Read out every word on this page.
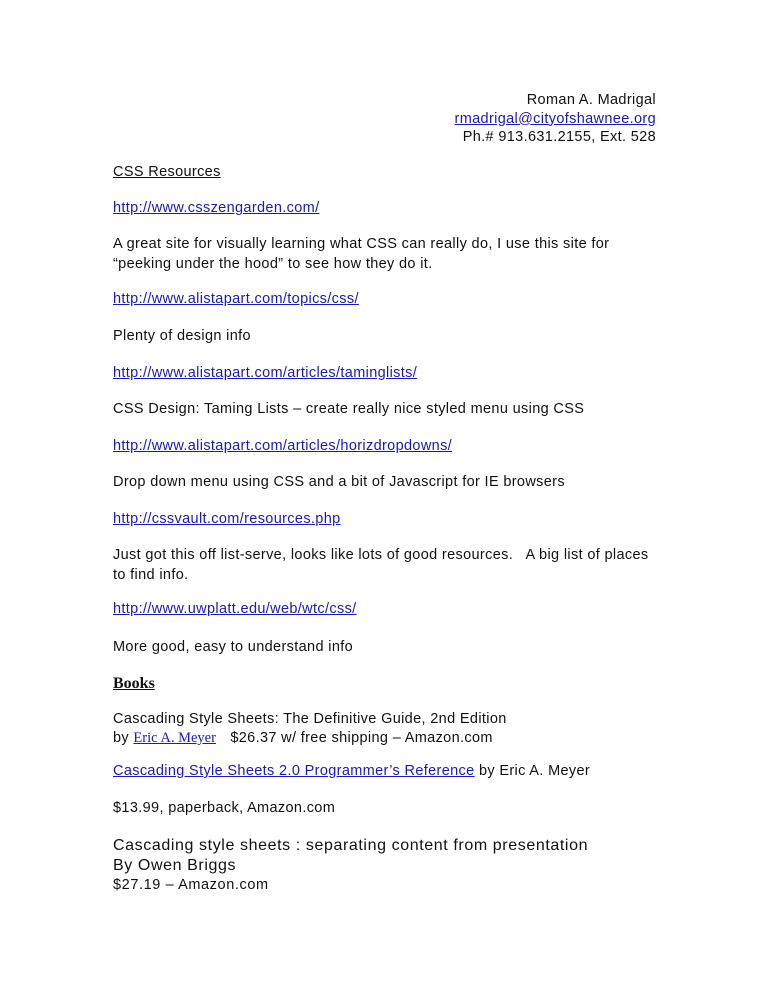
Roman A. Madrigal
rmadrigal@cityofshawnee.org
Ph.# 913.631.2155, Ext. 528
CSS Resources
http://www.csszengarden.com/
A great site for visually learning what CSS can really do, I use this site for “peeking under the hood” to see how they do it.
http://www.alistapart.com/topics/css/
Plenty of design info
http://www.alistapart.com/articles/taminglists/
CSS Design: Taming Lists – create really nice styled menu using CSS
http://www.alistapart.com/articles/horizdropdowns/
Drop down menu using CSS and a bit of Javascript for IE browsers
http://cssvault.com/resources.php
Just got this off list-serve, looks like lots of good resources.   A big list of places to find info.
http://www.uwplatt.edu/web/wtc/css/
More good, easy to understand info
Books
Cascading Style Sheets: The Definitive Guide, 2nd Edition
by Eric A. Meyer $26.37 w/ free shipping – Amazon.com
Cascading Style Sheets 2.0 Programmer’s Reference by Eric A. Meyer
$13.99, paperback, Amazon.com
Cascading style sheets : separating content from presentation
By Owen Briggs
$27.19 – Amazon.com
